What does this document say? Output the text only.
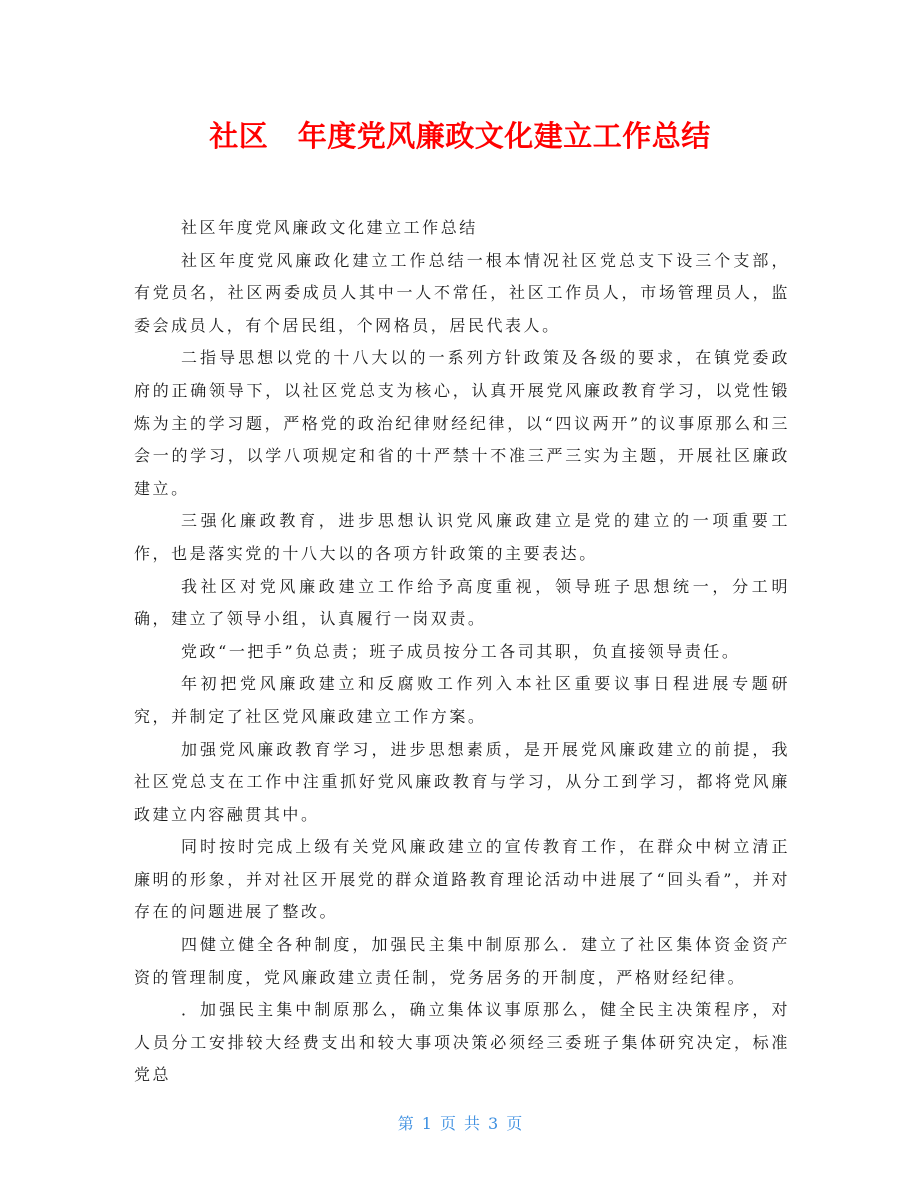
社区　年度党风廉政文化建立工作总结

社区年度党风廉政文化建立工作总结

社区年度党风廉政化建立工作总结一根本情况社区党总支下设三个支部，有党员名，社区两委成员人其中一人不常任，社区工作员人，市场管理员人，监委会成员人，有个居民组，个网格员，居民代表人。

二指导思想以党的十八大以的一系列方针政策及各级的要求，在镇党委政府的正确领导下，以社区党总支为核心，认真开展党风廉政教育学习，以党性锻炼为主的学习题，严格党的政治纪律财经纪律，以“四议两开”的议事原那么和三会一的学习，以学八项规定和省的十严禁十不准三严三实为主题，开展社区廉政建立。

三强化廉政教育，进步思想认识党风廉政建立是党的建立的一项重要工作，也是落实党的十八大以的各项方针政策的主要表达。

我社区对党风廉政建立工作给予高度重视，领导班子思想统一，分工明确，建立了领导小组，认真履行一岗双责。

党政“一把手”负总责；班子成员按分工各司其职，负直接领导责任。

年初把党风廉政建立和反腐败工作列入本社区重要议事日程进展专题研究，并制定了社区党风廉政建立工作方案。

加强党风廉政教育学习，进步思想素质，是开展党风廉政建立的前提，我社区党总支在工作中注重抓好党风廉政教育与学习，从分工到学习，都将党风廉政建立内容融贯其中。

同时按时完成上级有关党风廉政建立的宣传教育工作，在群众中树立清正廉明的形象，并对社区开展党的群众道路教育理论活动中进展了“回头看”，并对存在的问题进展了整改。

四健立健全各种制度，加强民主集中制原那么．建立了社区集体资金资产资的管理制度，党风廉政建立责任制，党务居务的开制度，严格财经纪律。

．加强民主集中制原那么，确立集体议事原那么，健全民主决策程序，对人员分工安排较大经费支出和较大事项决策必须经三委班子集体研究决定，标准党总

第 1 页 共 3 页
